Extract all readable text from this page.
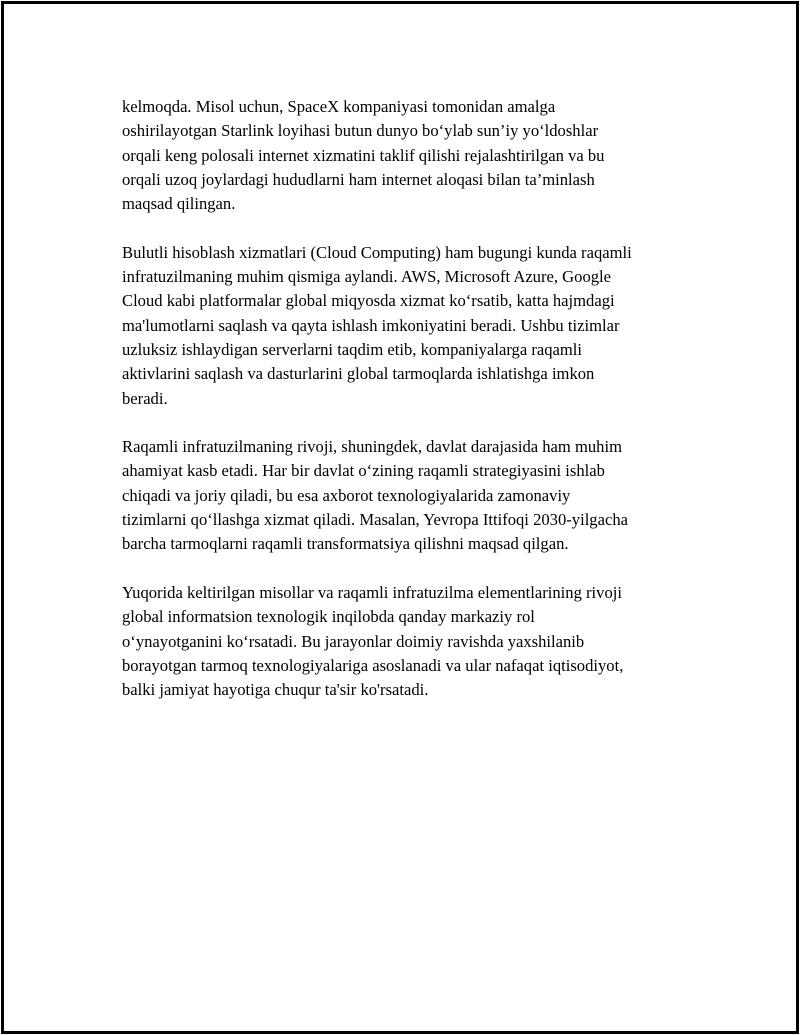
kelmoqda. Misol uchun, SpaceX kompaniyasi tomonidan amalga
oshirilayotgan Starlink loyihasi butun dunyo bo‘ylab sun’iy yo‘ldoshlar
orqali keng polosali internet xizmatini taklif qilishi rejalashtirilgan va bu
orqali uzoq joylardagi hududlarni ham internet aloqasi bilan ta’minlash
maqsad qilingan.

Bulutli hisoblash xizmatlari (Cloud Computing) ham bugungi kunda raqamli
infratuzilmaning muhim qismiga aylandi. AWS, Microsoft Azure, Google
Cloud kabi platformalar global miqyosda xizmat ko‘rsatib, katta hajmdagi
ma'lumotlarni saqlash va qayta ishlash imkoniyatini beradi. Ushbu tizimlar
uzluksiz ishlaydigan serverlarni taqdim etib, kompaniyalarga raqamli
aktivlarini saqlash va dasturlarini global tarmoqlarda ishlatishga imkon
beradi.

Raqamli infratuzilmaning rivoji, shuningdek, davlat darajasida ham muhim
ahamiyat kasb etadi. Har bir davlat o‘zining raqamli strategiyasini ishlab
chiqadi va joriy qiladi, bu esa axborot texnologiyalarida zamonaviy
tizimlarni qo‘llashga xizmat qiladi. Masalan, Yevropa Ittifoqi 2030-yilgacha
barcha tarmoqlarni raqamli transformatsiya qilishni maqsad qilgan.

Yuqorida keltirilgan misollar va raqamli infratuzilma elementlarining rivoji
global informatsion texnologik inqilobda qanday markaziy rol
o‘ynayotganini ko‘rsatadi. Bu jarayonlar doimiy ravishda yaxshilanib
borayotgan tarmoq texnologiyalariga asoslanadi va ular nafaqat iqtisodiyot,
balki jamiyat hayotiga chuqur ta'sir ko'rsatadi.
